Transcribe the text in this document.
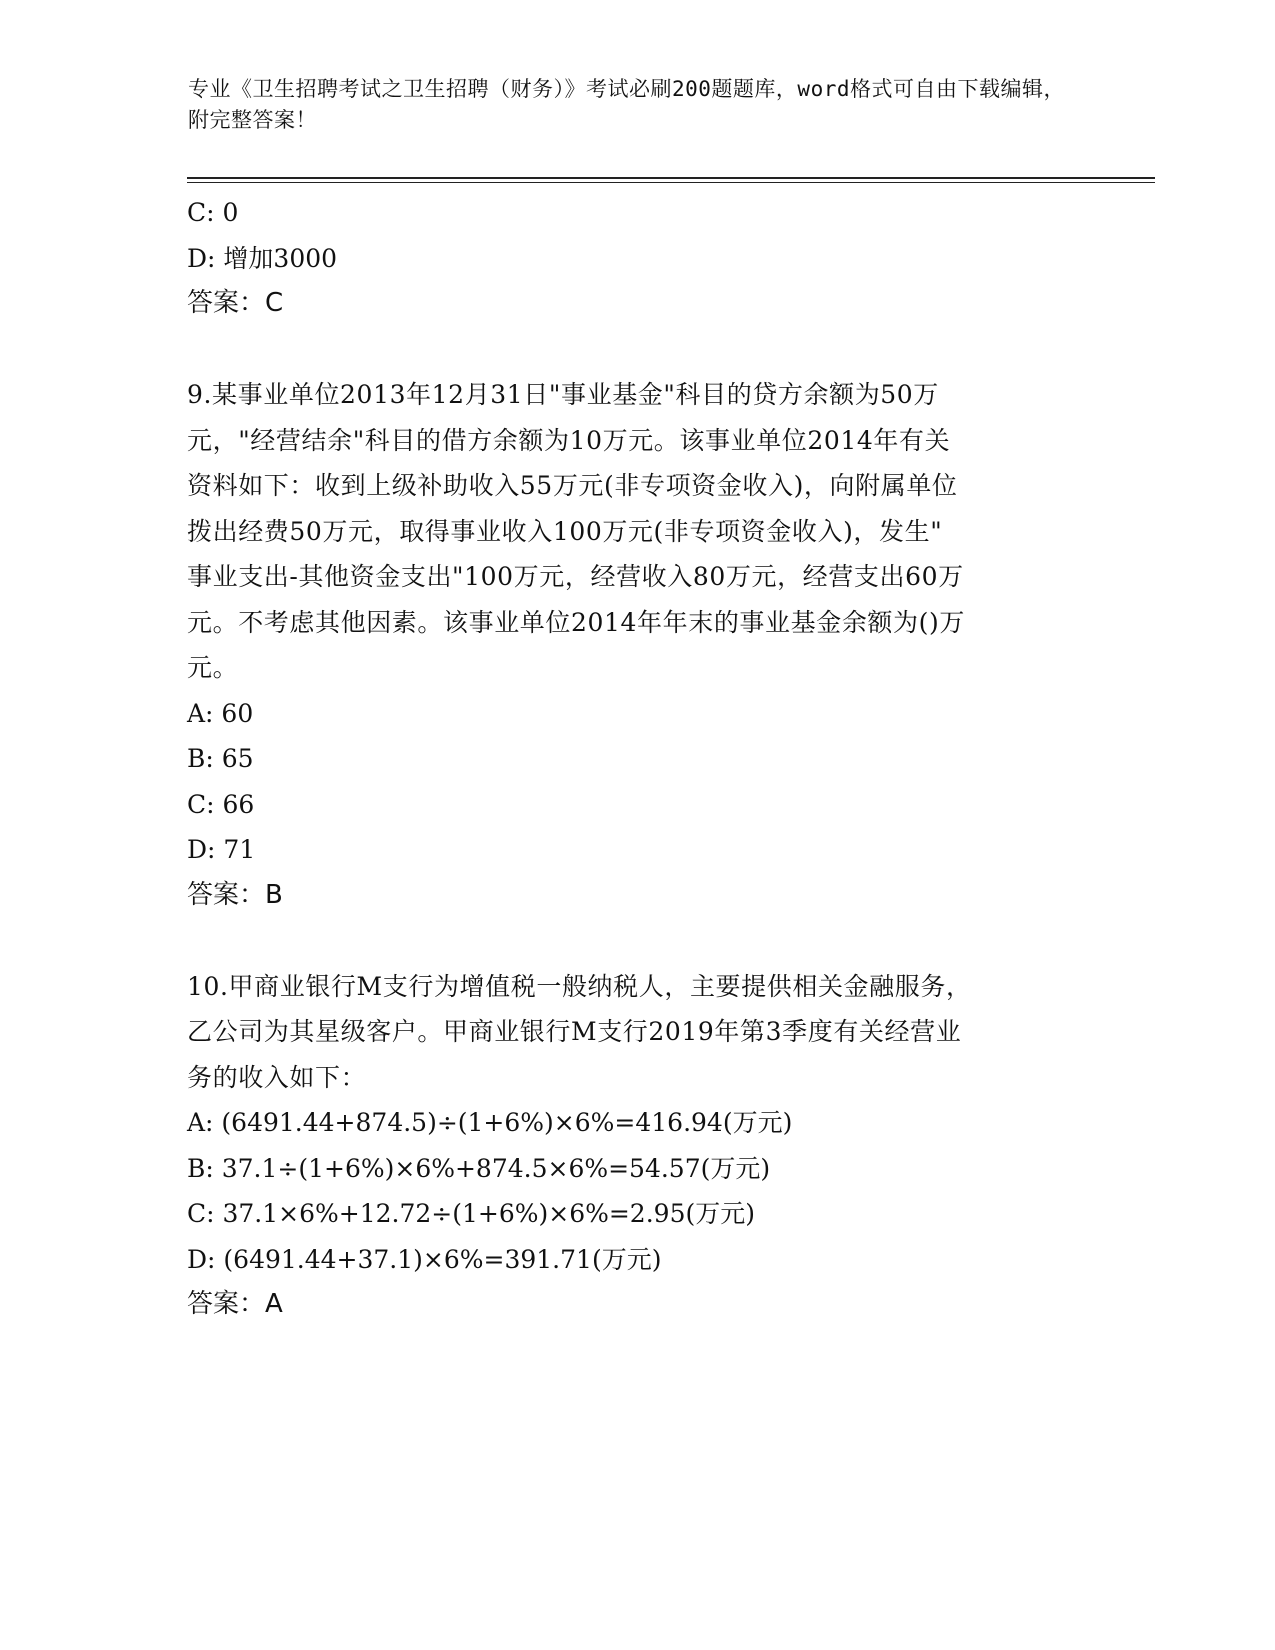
专业《卫生招聘考试之卫生招聘（财务）》考试必刷200题题库，word格式可自由下载编辑，附完整答案！
C: 0
D: 增加3000
答案：C
9.某事业单位2013年12月31日"事业基金"科目的贷方余额为50万
元，"经营结余"科目的借方余额为10万元。该事业单位2014年有关
资料如下：收到上级补助收入55万元(非专项资金收入)，向附属单位
拨出经费50万元，取得事业收入100万元(非专项资金收入)，发生"
事业支出-其他资金支出"100万元，经营收入80万元，经营支出60万
元。不考虑其他因素。该事业单位2014年年末的事业基金余额为()万
元。
A: 60
B: 65
C: 66
D: 71
答案：B
10.甲商业银行M支行为增值税一般纳税人，主要提供相关金融服务，
乙公司为其星级客户。甲商业银行M支行2019年第3季度有关经营业
务的收入如下：
A: (6491.44+874.5)÷(1+6%)×6%=416.94(万元)
B: 37.1÷(1+6%)×6%+874.5×6%=54.57(万元)
C: 37.1×6%+12.72÷(1+6%)×6%=2.95(万元)
D: (6491.44+37.1)×6%=391.71(万元)
答案：A
